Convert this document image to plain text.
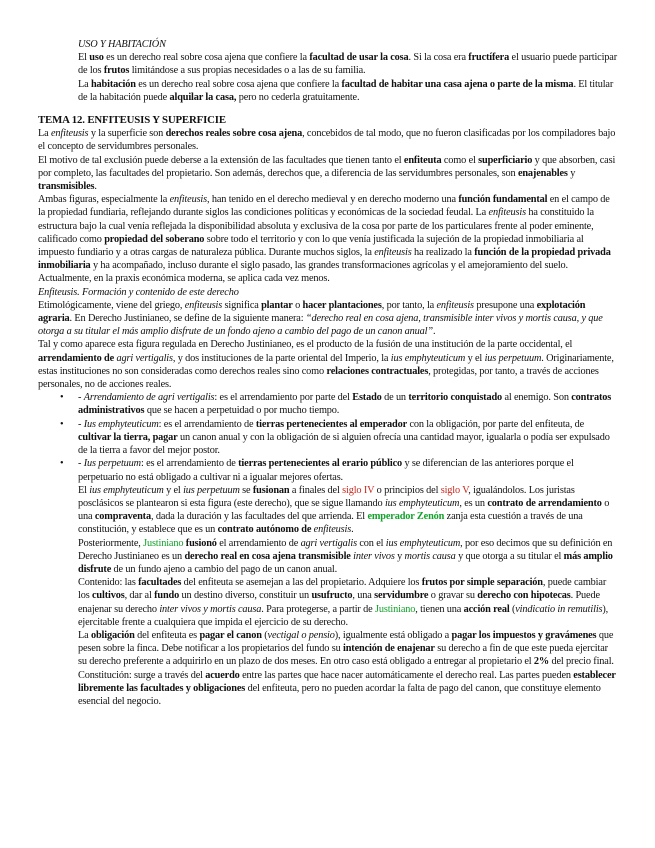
USO Y HABITACIÓN

El uso es un derecho real sobre cosa ajena que confiere la facultad de usar la cosa. Si la cosa era fructífera el usuario puede participar de los frutos limitándose a sus propias necesidades o a las de su familia.

La habitación es un derecho real sobre cosa ajena que confiere la facultad de habitar una casa ajena o parte de la misma. El titular de la habitación puede alquilar la casa, pero no cederla gratuitamente.

TEMA 12. ENFITEUSIS Y SUPERFICIE

La enfiteusis y la superficie son derechos reales sobre cosa ajena, concebidos de tal modo, que no fueron clasificadas por los compiladores bajo el concepto de servidumbres personales.

El motivo de tal exclusión puede deberse a la extensión de las facultades que tienen tanto el enfiteuta como el superficiario y que absorben, casi por completo, las facultades del propietario. Son además, derechos que, a diferencia de las servidumbres personales, son enajenables y transmisibles.

Ambas figuras, especialmente la enfiteusis, han tenido en el derecho medieval y en derecho moderno una función fundamental en el campo de la propiedad fundiaria, reflejando durante siglos las condiciones políticas y económicas de la sociedad feudal. La enfiteusis ha constituido la estructura bajo la cual venía reflejada la disponibilidad absoluta y exclusiva de la cosa por parte de los particulares frente al poder eminente, calificado como propiedad del soberano sobre todo el territorio y con lo que venía justificada la sujeción de la propiedad inmobiliaria al impuesto fundiario y a otras cargas de naturaleza pública. Durante muchos siglos, la enfiteusis ha realizado la función de la propiedad privada inmobiliaria y ha acompañado, incluso durante el siglo pasado, las grandes transformaciones agrícolas y el amejoramiento del suelo. Actualmente, en la praxis económica moderna, se aplica cada vez menos.

Enfiteusis. Formación y contenido de este derecho

Etimológicamente, viene del griego, enfiteusis significa plantar o hacer plantaciones, por tanto, la enfiteusis presupone una explotación agraria. En Derecho Justinianeo, se define de la siguiente manera: “derecho real en cosa ajena, transmisible inter vivos y mortis causa, y que otorga a su titular el más amplio disfrute de un fondo ajeno a cambio del pago de un canon anual”.

Tal y como aparece esta figura regulada en Derecho Justinianeo, es el producto de la fusión de una institución de la parte occidental, el arrendamiento de agri vertigalis, y dos instituciones de la parte oriental del Imperio, la ius emphyteuticum y el ius perpetuum. Originariamente, estas instituciones no son consideradas como derechos reales sino como relaciones contractuales, protegidas, por tanto, a través de acciones personales, no de acciones reales.

• - Arrendamiento de agri vertigalis: es el arrendamiento por parte del Estado de un territorio conquistado al enemigo. Son contratos administrativos que se hacen a perpetuidad o por mucho tiempo.
• - Ius emphyteuticum: es el arrendamiento de tierras pertenecientes al emperador con la obligación, por parte del enfiteuta, de cultivar la tierra, pagar un canon anual y con la obligación de si alguien ofrecía una cantidad mayor, igualarla o podía ser expulsado de la tierra a favor del mejor postor.
• - Ius perpetuum: es el arrendamiento de tierras pertenecientes al erario público y se diferencian de las anteriores porque el perpetuario no está obligado a cultivar ni a igualar mejores ofertas.

El ius emphyteuticum y el ius perpetuum se fusionan a finales del siglo IV o principios del siglo V, igualándolos. Los juristas posclásicos se plantearon si esta figura (este derecho), que se sigue llamando ius emphyteuticum, es un contrato de arrendamiento o una compraventa, dada la duración y las facultades del que arrienda. El emperador Zenón zanja esta cuestión a través de una constitución, y establece que es un contrato autónomo de enfiteusis.

Posteriormente, Justiniano fusionó el arrendamiento de agri vertigalis con el ius emphyteuticum, por eso decimos que su definición en Derecho Justinianeo es un derecho real en cosa ajena transmisible inter vivos y mortis causa y que otorga a su titular el más amplio disfrute de un fundo ajeno a cambio del pago de un canon anual.

Contenido: las facultades del enfiteuta se asemejan a las del propietario. Adquiere los frutos por simple separación, puede cambiar los cultivos, dar al fundo un destino diverso, constituir un usufructo, una servidumbre o gravar su derecho con hipotecas. Puede enajenar su derecho inter vivos y mortis causa. Para protegerse, a partir de Justiniano, tienen una acción real (vindicatio in remutilis), ejercitable frente a cualquiera que impida el ejercicio de su derecho.

La obligación del enfiteuta es pagar el canon (vectigal o pensio), igualmente está obligado a pagar los impuestos y gravámenes que pesen sobre la finca. Debe notificar a los propietarios del fundo su intención de enajenar su derecho a fin de que este pueda ejercitar su derecho preferente a adquirirlo en un plazo de dos meses. En otro caso está obligado a entregar al propietario el 2% del precio final.

Constitución: surge a través del acuerdo entre las partes que hace nacer automáticamente el derecho real. Las partes pueden establecer libremente las facultades y obligaciones del enfiteuta, pero no pueden acordar la falta de pago del canon, que constituye elemento esencial del negocio.
